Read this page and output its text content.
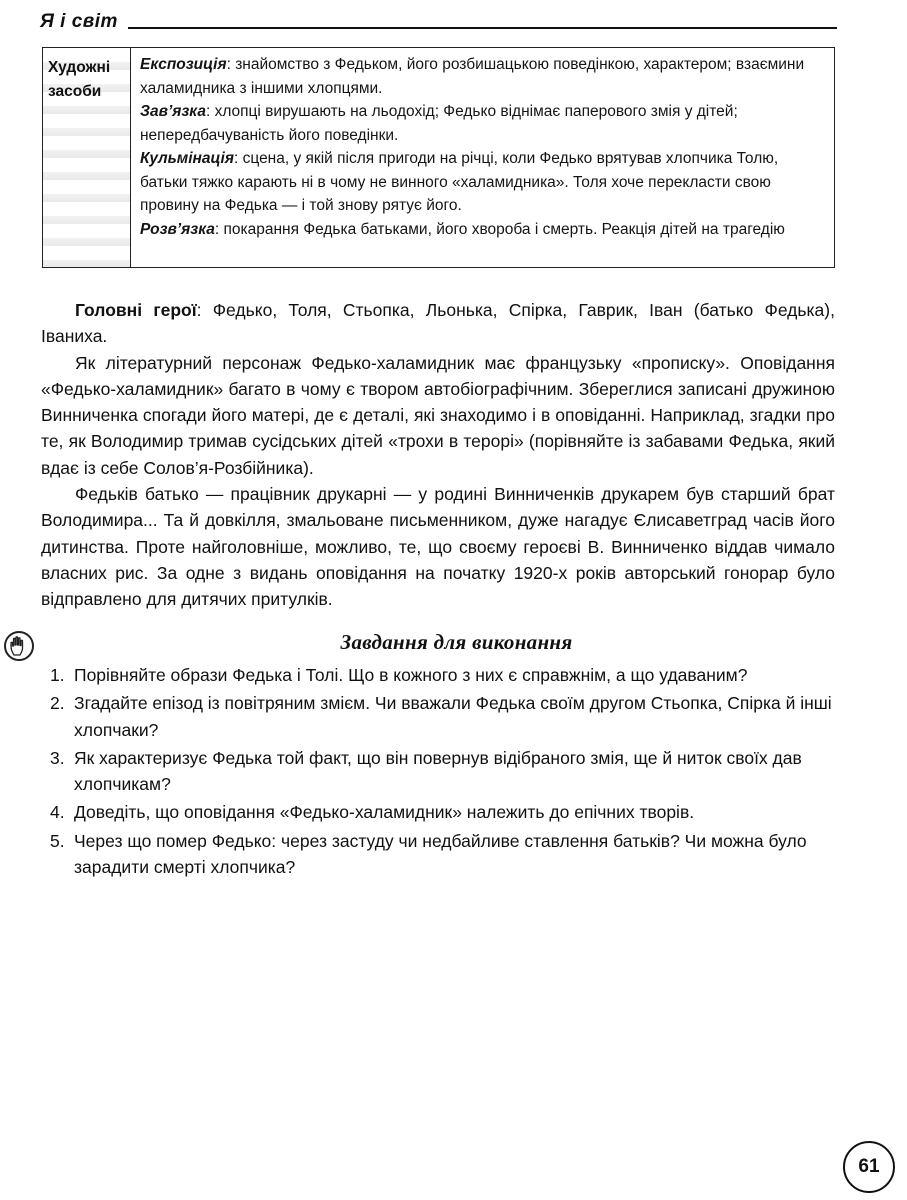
Я і світ
Художні засоби

Експозиція: знайомство з Федьком, його розбишацькою поведінкою, характером; взаємини халамидника з іншими хлопцями.

Зав’язка: хлопці вирушають на льодохід; Федько віднімає паперового змія у дітей; непередбачуваність його поведінки.

Кульмінація: сцена, у якій після пригоди на річці, коли Федько врятував хлопчика Толю, батьки тяжко карають ні в чому не винного «халамидника». Толя хоче перекласти свою провину на Федька — і той знову рятує його.

Розв’язка: покарання Федька батьками, його хвороба і смерть. Реакція дітей на трагедію

Головні герої: Федько, Толя, Стьопка, Льонька, Спірка, Гаврик, Іван (батько Федька), Іваниха.

Як літературний персонаж Федько-халамидник має французьку «прописку». Оповідання «Федько-халамидник» багато в чому є твором автобіографічним. Збереглися записані дружиною Винниченка спогади його матері, де є деталі, які знаходимо і в оповіданні. Наприклад, згадки про те, як Володимир тримав сусідських дітей «трохи в терорі» (порівняйте із забавами Федька, який вдає із себе Солов’я-Розбійника).

Федьків батько — працівник друкарні — у родині Винниченків друкарем був старший брат Володимира... Та й довкілля, змальоване письменником, дуже нагадує Єлисаветград часів його дитинства. Проте найголовніше, можливо, те, що своєму героєві В. Винниченко віддав чимало власних рис. За одне з видань оповідання на початку 1920-х років авторський гонорар було відправлено для дитячих притулків.

Завдання для виконання
1. Порівняйте образи Федька і Толі. Що в кожного з них є справжнім, а що удаваним?
2. Згадайте епізод із повітряним змієм. Чи вважали Федька своїм другом Стьопка, Спірка й інші хлопчаки?
3. Як характеризує Федька той факт, що він повернув відібраного змія, ще й ниток своїх дав хлопчикам?
4. Доведіть, що оповідання «Федько-халамидник» належить до епічних творів.
5. Через що помер Федько: через застуду чи недбайливе ставлення батьків? Чи можна було зарадити смерті хлопчика?
61
